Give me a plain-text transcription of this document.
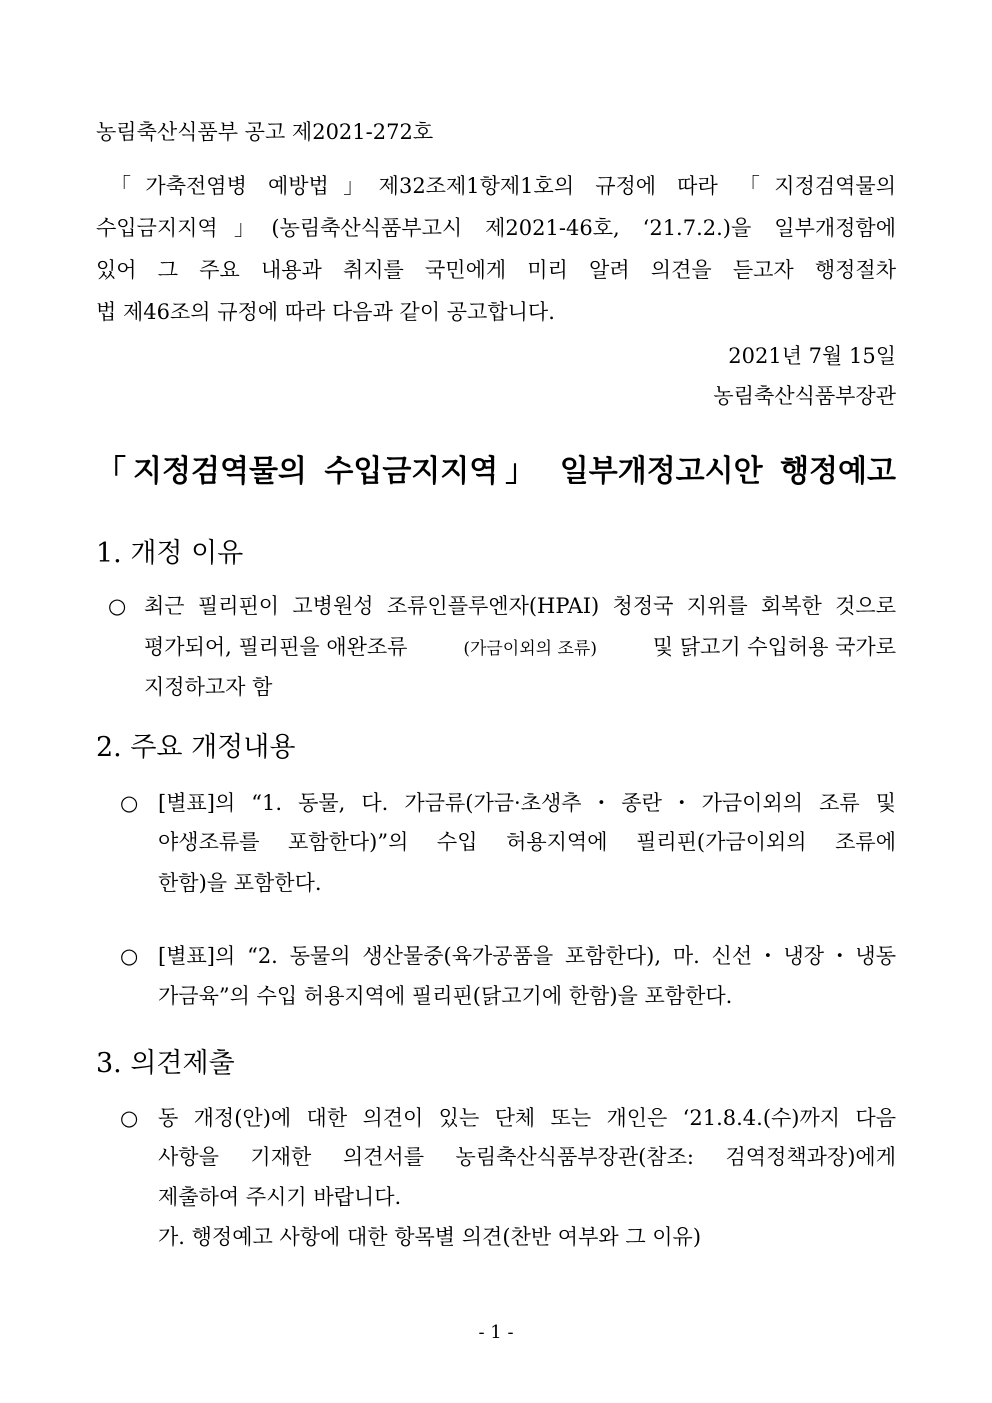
농림축산식품부 공고 제2021-272호
「가축전염병 예방법」제32조제1항제1호의 규정에 따라 「지정검역물의
수입금지지역」(농림축산식품부고시 제2021-46호, ‘21.7.2.)을 일부개정함에
있어 그 주요 내용과 취지를 국민에게 미리 알려 의견을 듣고자 행정절차
법 제46조의 규정에 따라 다음과 같이 공고합니다.
2021년 7월 15일
농림축산식품부장관
「지정검역물의 수입금지지역」 일부개정고시안 행정예고
1. 개정 이유
○ 최근 필리핀이 고병원성 조류인플루엔자(HPAI) 청정국 지위를 회복한 것으로
평가되어, 필리핀을 애완조류	(가금이외의 조류)	및 닭고기 수입허용 국가로
지정하고자 함
2. 주요 개정내용
○ [별표]의 “1. 동물, 다. 가금류(가금·초생추・종란・가금이외의 조류 및
야생조류를 포함한다)”의 수입 허용지역에 필리핀(가금이외의 조류에
한함)을 포함한다.
○ [별표]의 “2. 동물의 생산물중(육가공품을 포함한다), 마. 신선・냉장・냉동
가금육”의 수입 허용지역에 필리핀(닭고기에 한함)을 포함한다.
3. 의견제출
○ 동 개정(안)에 대한 의견이 있는 단체 또는 개인은 ‘21.8.4.(수)까지 다음
사항을 기재한 의견서를 농림축산식품부장관(참조: 검역정책과장)에게
제출하여 주시기 바랍니다.
가. 행정예고 사항에 대한 항목별 의견(찬반 여부와 그 이유)
- 1 -
